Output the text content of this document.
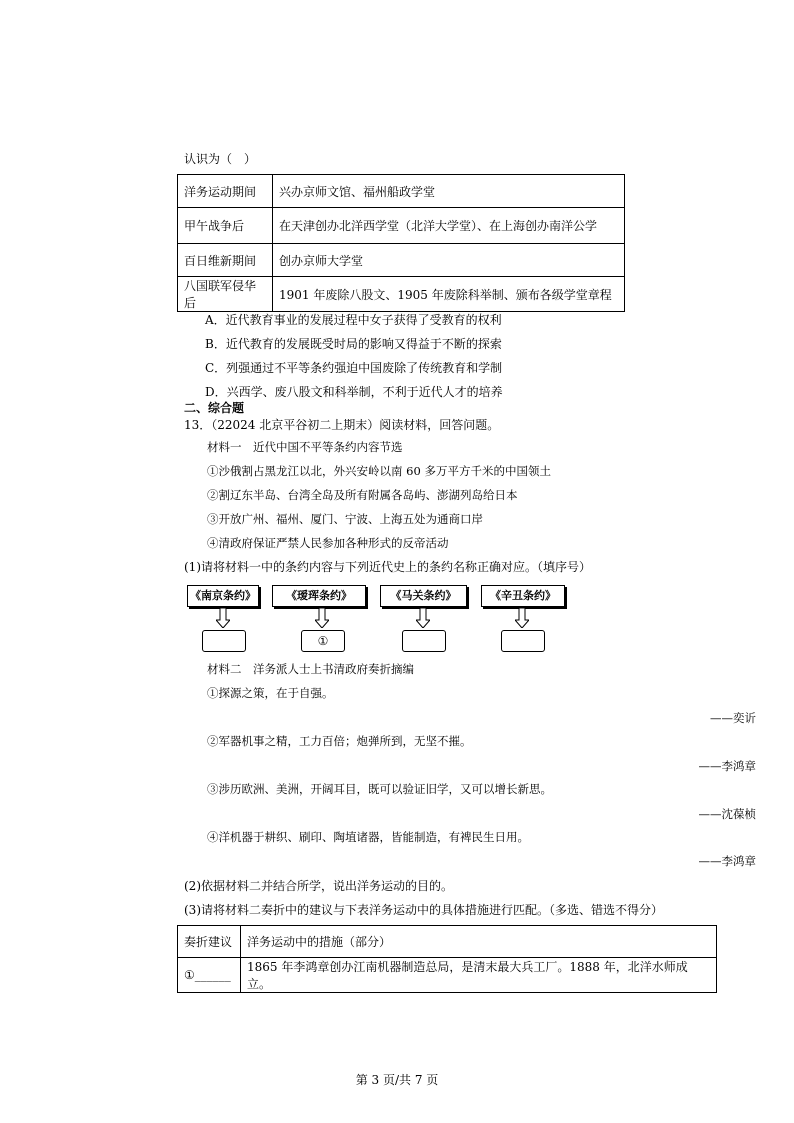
认识为（　）
洋务运动期间	兴办京师文馆、福州船政学堂
甲午战争后	在天津创办北洋西学堂（北洋大学堂）、在上海创办南洋公学
百日维新期间	创办京师大学堂
八国联军侵华后	1901 年废除八股文、1905 年废除科举制、颁布各级学堂章程
A．近代教育事业的发展过程中女子获得了受教育的权利
B．近代教育的发展既受时局的影响又得益于不断的探索
C．列强通过不平等条约强迫中国废除了传统教育和学制
D．兴西学、废八股文和科举制，不利于近代人才的培养
二、综合题
13．（22024 北京平谷初二上期末）阅读材料，回答问题。
材料一　近代中国不平等条约内容节选
①沙俄割占黑龙江以北，外兴安岭以南 60 多万平方千米的中国领土
②割辽东半岛、台湾全岛及所有附属各岛屿、澎湖列岛给日本
③开放广州、福州、厦门、宁波、上海五处为通商口岸
④清政府保证严禁人民参加各种形式的反帝活动
(1)请将材料一中的条约内容与下列近代史上的条约名称正确对应。（填序号）
《南京条约》	《瑷珲条约》	《马关条约》	《辛丑条约》
①
材料二　洋务派人士上书清政府奏折摘编
①探源之策，在于自强。
——奕䜣
②军器机事之精，工力百倍；炮弹所到，无坚不摧。
——李鸿章
③涉历欧洲、美洲，开阔耳目，既可以验证旧学，又可以增长新思。
——沈葆桢
④洋机器于耕织、刷印、陶埴诸器，皆能制造，有裨民生日用。
——李鸿章
(2)依据材料二并结合所学，说出洋务运动的目的。
(3)请将材料二奏折中的建议与下表洋务运动中的具体措施进行匹配。（多选、错选不得分）
奏折建议	洋务运动中的措施（部分）
①______	1865 年李鸿章创办江南机器制造总局，是清末最大兵工厂。1888 年，北洋水师成立。
第 3 页/共 7 页
